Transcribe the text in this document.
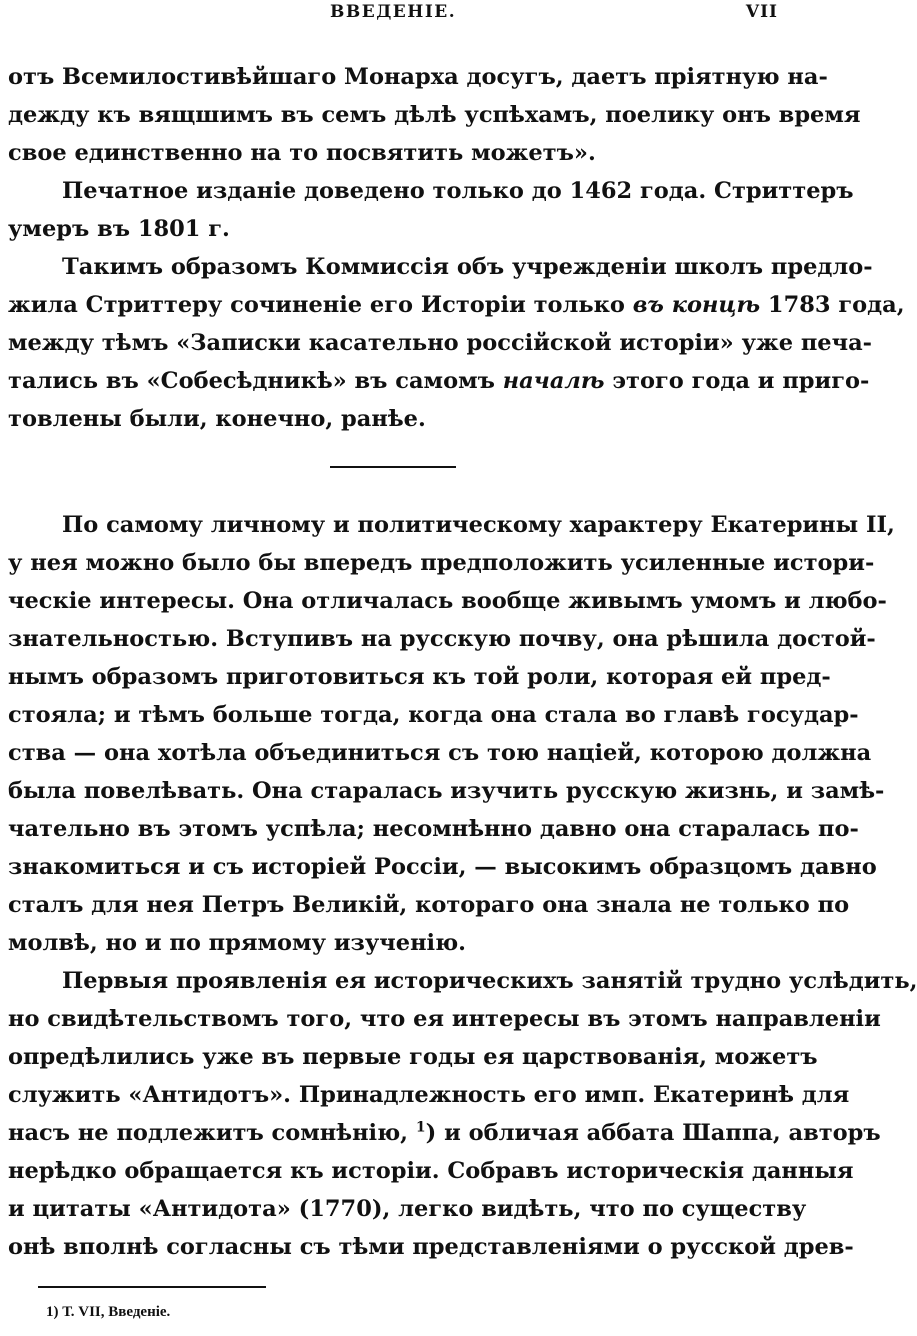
ВВЕДЕНIЕ.	VII
отъ Всемилостивѣйшаго Монарха досугъ, даетъ прiятную на-
дежду къ вящшимъ въ семъ дѣлѣ успѣхамъ, поелику онъ время
свое единственно на то посвятить можетъ».
Печатное изданiе доведено только до 1462 года. Стриттеръ
умеръ въ 1801 г.
Такимъ образомъ Коммиссiя объ учрежденiи школъ предло-
жила Стриттеру сочиненiе его Исторiи только въ концѣ 1783 года,
между тѣмъ «Записки касательно россiйской исторiи» уже печа-
тались въ «Собесѣдникѣ» въ самомъ началѣ этого года и приго-
товлены были, конечно, ранѣе.
По самому личному и политическому характеру Екатерины II,
у нея можно было бы впередъ предположить усиленные истори-
ческiе интересы. Она отличалась вообще живымъ умомъ и любо-
знательностью. Вступивъ на русскую почву, она рѣшила достой-
нымъ образомъ приготовиться къ той роли, которая ей пред-
стояла; и тѣмъ больше тогда, когда она стала во главѣ государ-
ства — она хотѣла объединиться съ тою нацiей, которою должна
была повелѣвать. Она старалась изучить русскую жизнь, и замѣ-
чательно въ этомъ успѣла; несомнѣнно давно она старалась по-
знакомиться и съ исторiей Россiи, — высокимъ образцомъ давно
сталъ для нея Петръ Великiй, котораго она знала не только по
молвѣ, но и по прямому изученiю.
Первыя проявленiя ея историческихъ занятiй трудно услѣдить,
но свидѣтельствомъ того, что ея интересы въ этомъ направленiи
опредѣлились уже въ первые годы ея царствованiя, можетъ
служить «Антидотъ». Принадлежность его имп. Екатеринѣ для
насъ не подлежитъ сомнѣнiю, $^1$) и обличая аббата Шаппа, авторъ
нерѣдко обращается къ исторiи. Собравъ историческiя данныя
и цитаты «Антидота» (1770), легко видѣть, что по существу
онѣ вполнѣ согласны съ тѣми представленiями о русской древ-
1) Т. VII, Введенiе.
